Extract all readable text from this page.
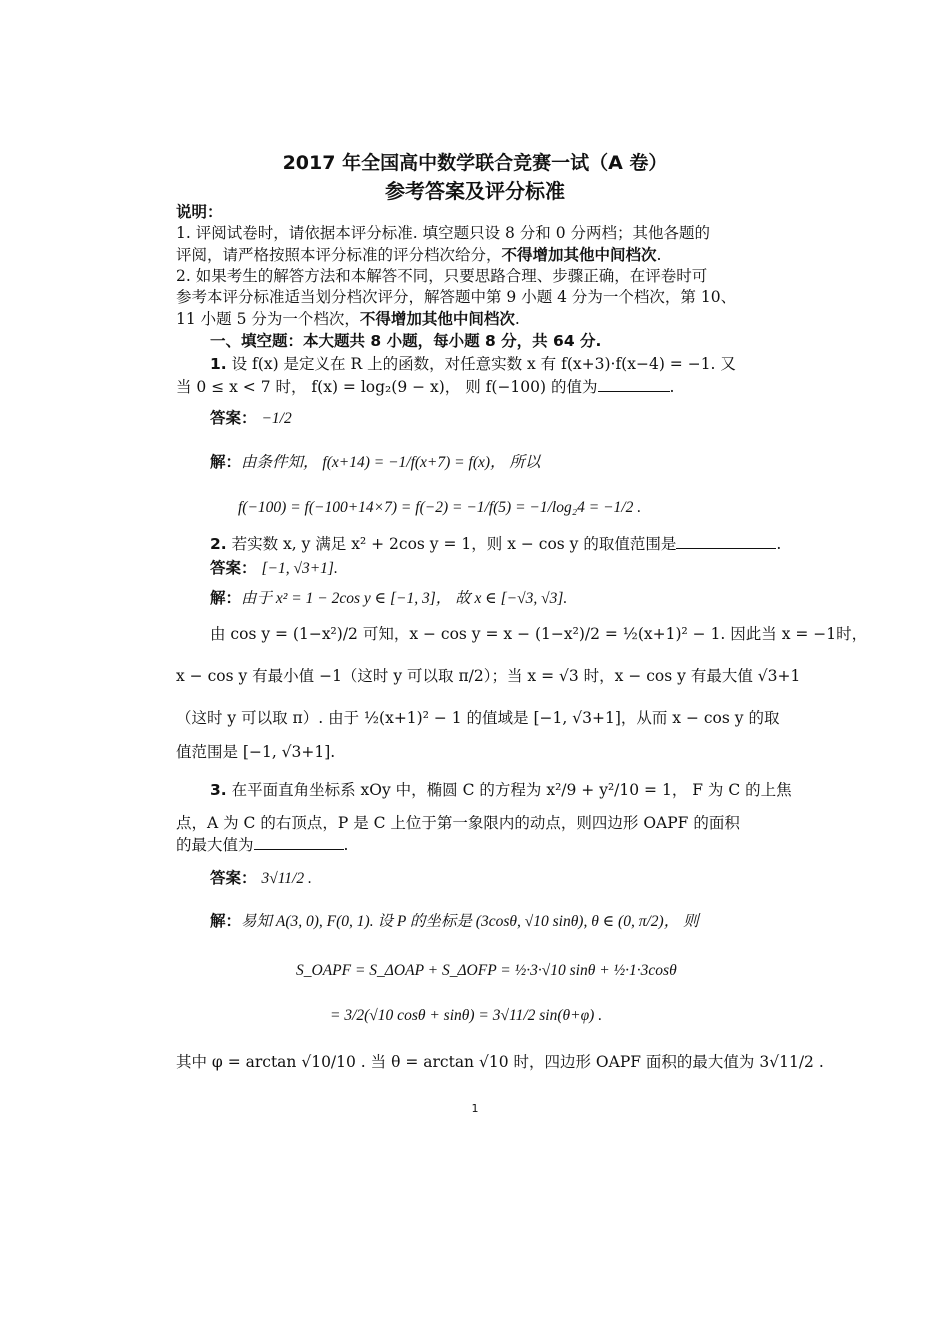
2017 年全国高中数学联合竞赛一试（A 卷）
参考答案及评分标准
说明：
1. 评阅试卷时，请依据本评分标准. 填空题只设 8 分和 0 分两档；其他各题的
评阅，请严格按照本评分标准的评分档次给分，不得增加其他中间档次.
2. 如果考生的解答方法和本解答不同，只要思路合理、步骤正确，在评卷时可
参考本评分标准适当划分档次评分，解答题中第 9 小题 4 分为一个档次，第 10、
11 小题 5 分为一个档次，不得增加其他中间档次.
一、填空题：本大题共 8 小题，每小题 8 分，共 64 分.
1. 设 f(x) 是定义在 R 上的函数，对任意实数 x 有 f(x+3)·f(x−4) = −1. 又
当 0 ≤ x < 7 时， f(x) = log₂(9 − x)， 则 f(−100) 的值为	.
答案： −1/2
解：由条件知， f(x+14) = −1/f(x+7) = f(x)， 所以
f(−100) = f(−100+14×7) = f(−2) = −1/f(5) = −1/log₂4 = −1/2 .
2. 若实数 x, y 满足 x² + 2cos y = 1，则 x − cos y 的取值范围是	.
答案： [−1, √3+1].
解：由于 x² = 1 − 2cos y ∈ [−1, 3]， 故 x ∈ [−√3, √3].
由 cos y = (1−x²)/2 可知，x − cos y = x − (1−x²)/2 = ½(x+1)² − 1. 因此当 x = −1时，
x − cos y 有最小值 −1（这时 y 可以取 π/2）；当 x = √3 时，x − cos y 有最大值 √3+1
（这时 y 可以取 π）. 由于 ½(x+1)² − 1 的值域是 [−1, √3+1]，从而 x − cos y 的取
值范围是 [−1, √3+1].
3. 在平面直角坐标系 xOy 中，椭圆 C 的方程为 x²/9 + y²/10 = 1， F 为 C 的上焦
点，A 为 C 的右顶点，P 是 C 上位于第一象限内的动点，则四边形 OAPF 的面积
的最大值为	.
答案： 3√11/2 .
解：易知 A(3, 0), F(0, 1). 设 P 的坐标是 (3cosθ, √10 sinθ), θ ∈ (0, π/2)， 则
S_OAPF = S_ΔOAP + S_ΔOFP = ½·3·√10 sinθ + ½·1·3cosθ
= 3/2(√10 cosθ + sinθ) = 3√11/2 sin(θ+φ) .
其中 φ = arctan √10/10 . 当 θ = arctan √10 时，四边形 OAPF 面积的最大值为 3√11/2 .
1
